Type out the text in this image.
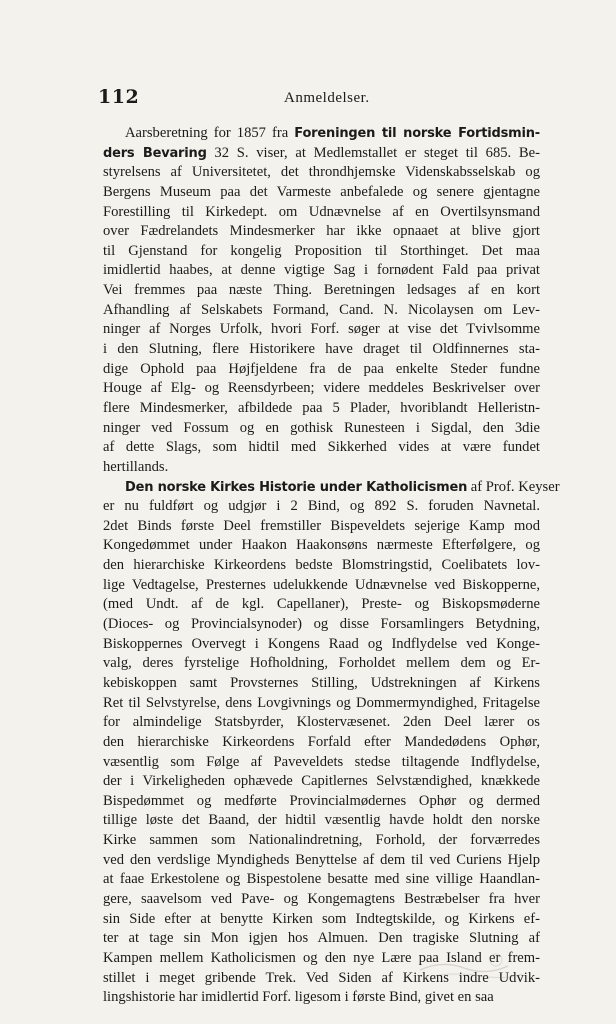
112	Anmeldelser.
Aarsberetning for 1857 fra Foreningen til norske Fortidsmin-
ders Bevaring 32 S. viser, at Medlemstallet er steget til 685. Be-
styrelsens af Universitetet, det throndhjemske Videnskabsselskab og
Bergens Museum paa det Varmeste anbefalede og senere gjentagne
Forestilling til Kirkedept. om Udnævnelse af en Overtilsynsmand
over Fædrelandets Mindesmerker har ikke opnaaet at blive gjort
til Gjenstand for kongelig Proposition til Storthinget. Det maa
imidlertid haabes, at denne vigtige Sag i fornødent Fald paa privat
Vei fremmes paa næste Thing. Beretningen ledsages af en kort
Afhandling af Selskabets Formand, Cand. N. Nicolaysen om Lev-
ninger af Norges Urfolk, hvori Forf. søger at vise det Tvivlsomme
i den Slutning, flere Historikere have draget til Oldfinnernes sta-
dige Ophold paa Højfjeldene fra de paa enkelte Steder fundne
Houge af Elg- og Reensdyrbeen; videre meddeles Beskrivelser over
flere Mindesmerker, afbildede paa 5 Plader, hvoriblandt Helleristn-
ninger ved Fossum og en gothisk Runesteen i Sigdal, den 3die
af dette Slags, som hidtil med Sikkerhed vides at være fundet
hertillands.
Den norske Kirkes Historie under Katholicismen af Prof. Keyser
er nu fuldført og udgjør i 2 Bind, og 892 S. foruden Navnetal.
2det Binds første Deel fremstiller Bispeveldets sejerige Kamp mod
Kongedømmet under Haakon Haakonsøns nærmeste Efterfølgere, og
den hierarchiske Kirkeordens bedste Blomstringstid, Coelibatets lov-
lige Vedtagelse, Presternes udelukkende Udnævnelse ved Biskopperne,
(med Undt. af de kgl. Capellaner), Preste- og Biskopsmøderne
(Dioces- og Provincialsynoder) og disse Forsamlingers Betydning,
Biskoppernes Overvegt i Kongens Raad og Indflydelse ved Konge-
valg, deres fyrstelige Hofholdning, Forholdet mellem dem og Er-
kebiskoppen samt Provsternes Stilling, Udstrekningen af Kirkens
Ret til Selvstyrelse, dens Lovgivnings og Dommermyndighed, Fritagelse
for almindelige Statsbyrder, Klostervæsenet. 2den Deel lærer os
den hierarchiske Kirkeordens Forfald efter Mandedødens Ophør,
væsentlig som Følge af Paveveldets stedse tiltagende Indflydelse,
der i Virkeligheden ophævede Capitlernes Selvstændighed, knækkede
Bispedømmet og medførte Provincialmødernes Ophør og dermed
tillige løste det Baand, der hidtil væsentlig havde holdt den norske
Kirke sammen som Nationalindretning, Forhold, der forværredes
ved den verdslige Myndigheds Benyttelse af dem til ved Curiens Hjelp
at faae Erkestolene og Bispestolene besatte med sine villige Haandlan-
gere, saavelsom ved Pave- og Kongemagtens Bestræbelser fra hver
sin Side efter at benytte Kirken som Indtegtskilde, og Kirkens ef-
ter at tage sin Mon igjen hos Almuen. Den tragiske Slutning af
Kampen mellem Katholicismen og den nye Lære paa Island er frem-
stillet i meget gribende Trek. Ved Siden af Kirkens indre Udvik-
lingshistorie har imidlertid Forf. ligesom i første Bind, givet en saa
